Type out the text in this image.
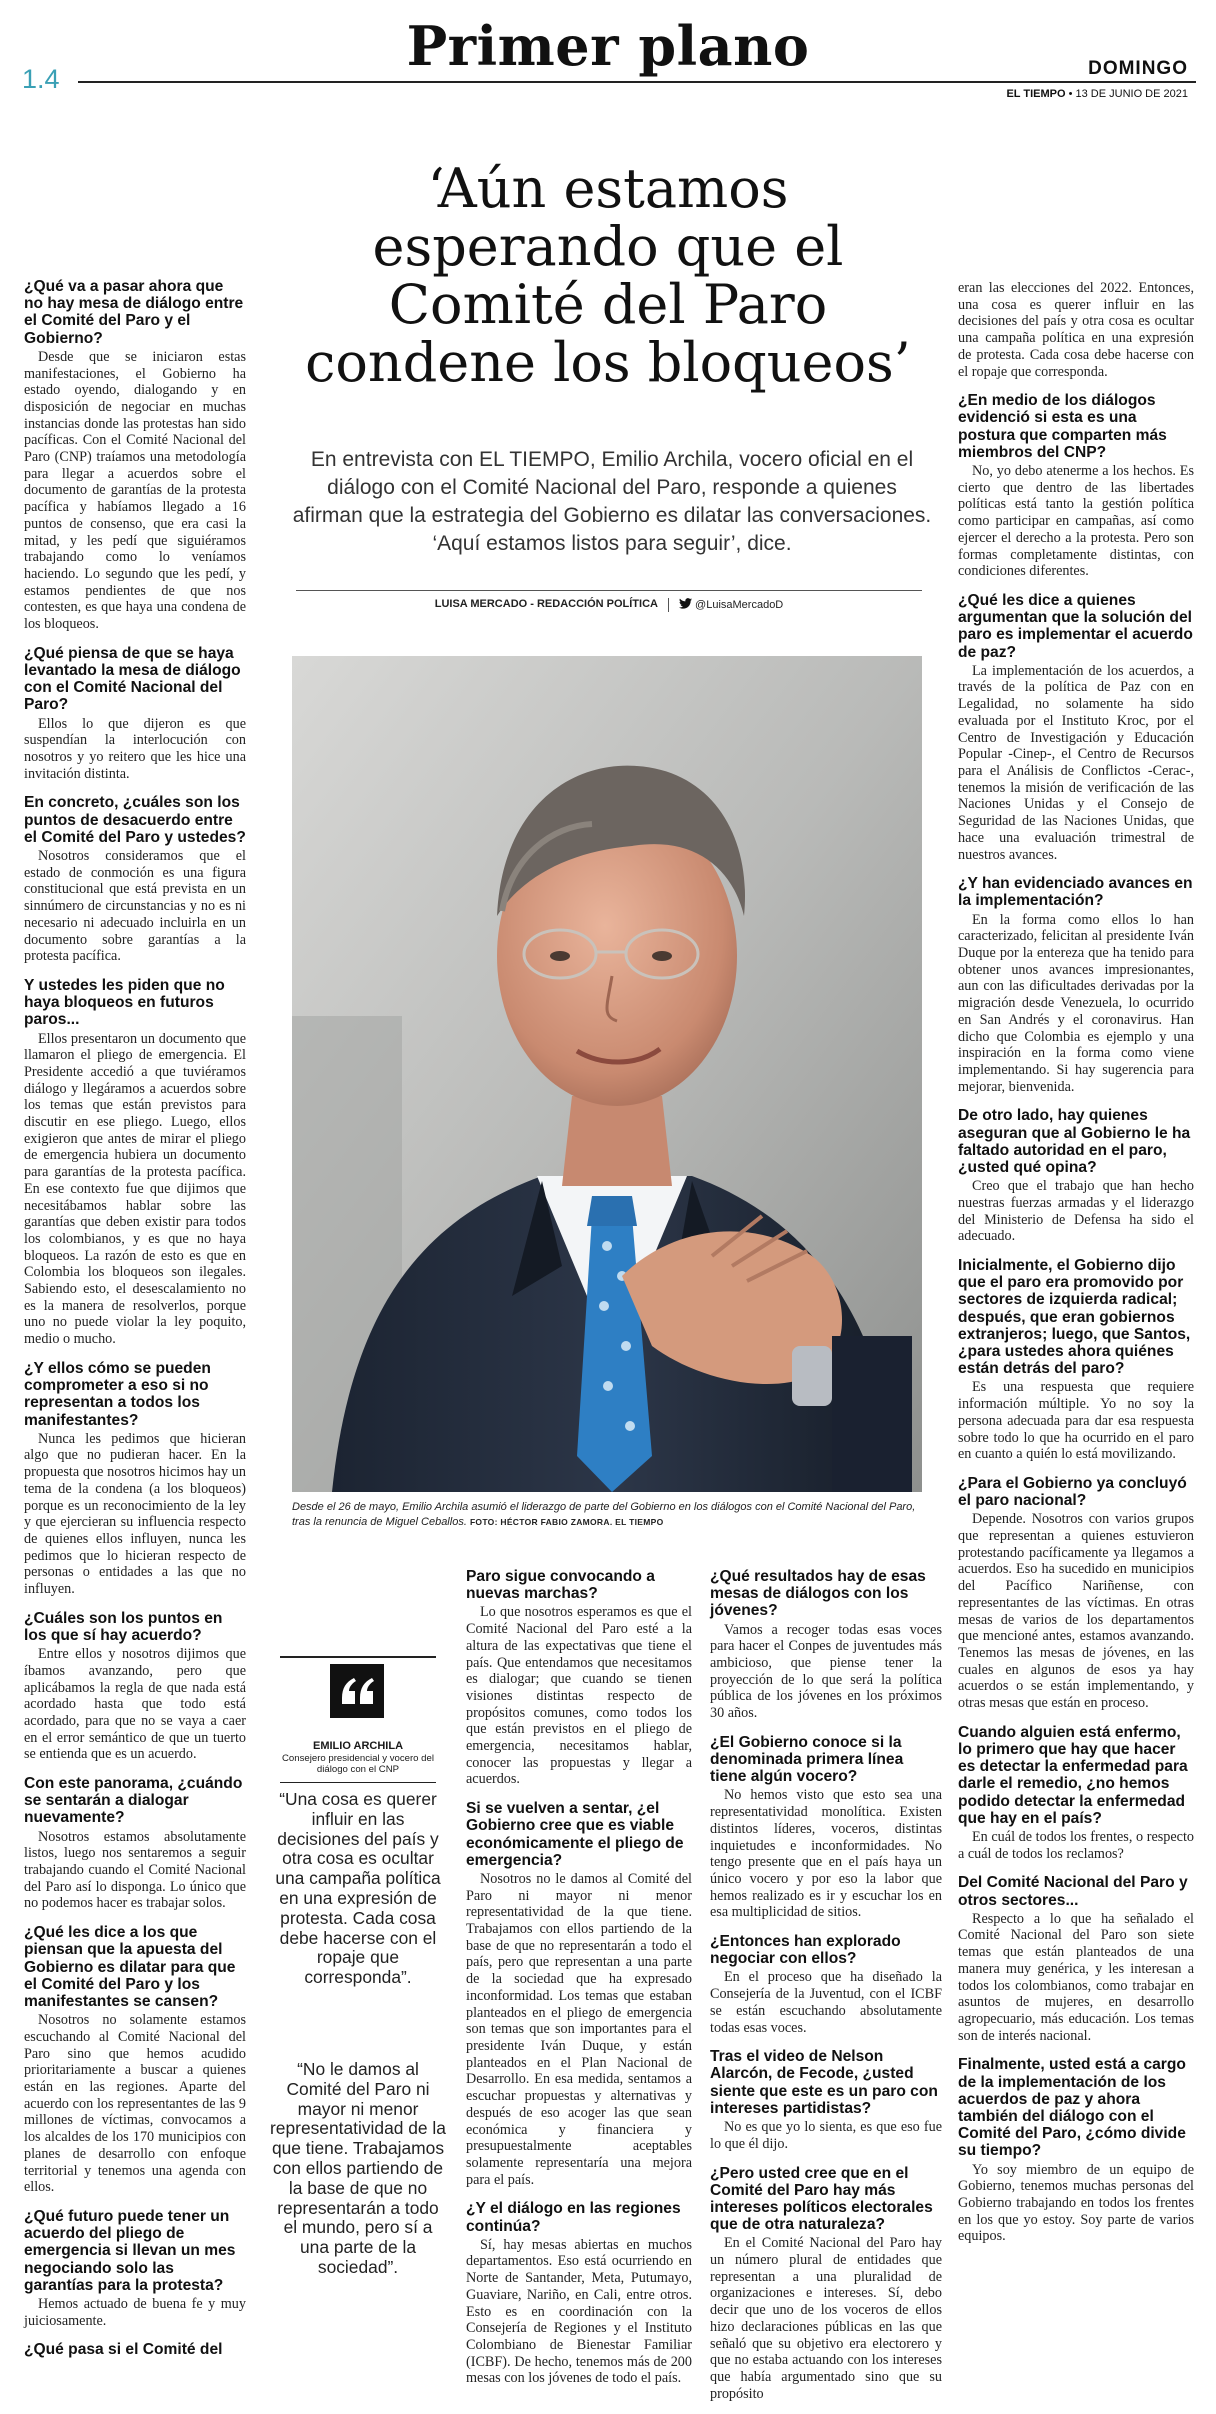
Primer plano
1.4	DOMINGO
EL TIEMPO • 13 DE JUNIO DE 2021
‘Aún estamos esperando que el Comité del Paro condene los bloqueos’

En entrevista con EL TIEMPO, Emilio Archila, vocero oficial en el diálogo con el Comité Nacional del Paro, responde a quienes afirman que la estrategia del Gobierno es dilatar las conversaciones. ‘Aquí estamos listos para seguir’, dice.

LUISA MERCADO - REDACCIÓN POLÍTICA	@LuisaMercadoD

¿Qué va a pasar ahora que no hay mesa de diálogo entre el Comité del Paro y el Gobierno?

Desde que se iniciaron estas manifestaciones, el Gobierno ha estado oyendo, dialogando y en disposición de negociar en muchas instancias donde las protestas han sido pacíficas. Con el Comité Nacional del Paro (CNP) traíamos una metodología para llegar a acuerdos sobre el documento de garantías de la protesta pacífica y habíamos llegado a 16 puntos de consenso, que era casi la mitad, y les pedí que siguiéramos trabajando como lo veníamos haciendo. Lo segundo que les pedí, y estamos pendientes de que nos contesten, es que haya una condena de los bloqueos.

¿Qué piensa de que se haya levantado la mesa de diálogo con el Comité Nacional del Paro?

Ellos lo que dijeron es que suspendían la interlocución con nosotros y yo reitero que les hice una invitación distinta.

En concreto, ¿cuáles son los puntos de desacuerdo entre el Comité del Paro y ustedes?

Nosotros consideramos que el estado de conmoción es una figura constitucional que está prevista en un sinnúmero de circunstancias y no es ni necesario ni adecuado incluirla en un documento sobre garantías a la protesta pacífica.

Y ustedes les piden que no haya bloqueos en futuros paros...

Ellos presentaron un documento que llamaron el pliego de emergencia. El Presidente accedió a que tuviéramos diálogo y llegáramos a acuerdos sobre los temas que están previstos para discutir en ese pliego. Luego, ellos exigieron que antes de mirar el pliego de emergencia hubiera un documento para garantías de la protesta pacífica. En ese contexto fue que dijimos que necesitábamos hablar sobre las garantías que deben existir para todos los colombianos, y es que no haya bloqueos. La razón de esto es que en Colombia los bloqueos son ilegales. Sabiendo esto, el desescalamiento no es la manera de resolverlos, porque uno no puede violar la ley poquito, medio o mucho.

¿Y ellos cómo se pueden comprometer a eso si no representan a todos los manifestantes?

Nunca les pedimos que hicieran algo que no pudieran hacer. En la propuesta que nosotros hicimos hay un tema de la condena (a los bloqueos) porque es un reconocimiento de la ley y que ejercieran su influencia respecto de quienes ellos influyen, nunca les pedimos que lo hicieran respecto de personas o entidades a las que no influyen.

¿Cuáles son los puntos en los que sí hay acuerdo?

Entre ellos y nosotros dijimos que íbamos avanzando, pero que aplicábamos la regla de que nada está acordado hasta que todo está acordado, para que no se vaya a caer en el error semántico de que un tuerto se entienda que es un acuerdo.

Con este panorama, ¿cuándo se sentarán a dialogar nuevamente?

Nosotros estamos absolutamente listos, luego nos sentaremos a seguir trabajando cuando el Comité Nacional del Paro así lo disponga. Lo único que no podemos hacer es trabajar solos.

¿Qué les dice a los que piensan que la apuesta del Gobierno es dilatar para que el Comité del Paro y los manifestantes se cansen?

Nosotros no solamente estamos escuchando al Comité Nacional del Paro sino que hemos acudido prioritariamente a buscar a quienes están en las regiones. Aparte del acuerdo con los representantes de las 9 millones de víctimas, convocamos a los alcaldes de los 170 municipios con planes de desarrollo con enfoque territorial y tenemos una agenda con ellos.

¿Qué futuro puede tener un acuerdo del pliego de emergencia si llevan un mes negociando solo las garantías para la protesta?

Hemos actuado de buena fe y muy juiciosamente.

¿Qué pasa si el Comité del

eran las elecciones del 2022. Entonces, una cosa es querer influir en las decisiones del país y otra cosa es ocultar una campaña política en una expresión de protesta. Cada cosa debe hacerse con el ropaje que corresponda.

¿En medio de los diálogos evidenció si esta es una postura que comparten más miembros del CNP?

No, yo debo atenerme a los hechos. Es cierto que dentro de las libertades políticas está tanto la gestión política como participar en campañas, así como ejercer el derecho a la protesta. Pero son formas completamente distintas, con condiciones diferentes.

¿Qué les dice a quienes argumentan que la solución del paro es implementar el acuerdo de paz?

La implementación de los acuerdos, a través de la política de Paz con en Legalidad, no solamente ha sido evaluada por el Instituto Kroc, por el Centro de Investigación y Educación Popular -Cinep-, el Centro de Recursos para el Análisis de Conflictos -Cerac-, tenemos la misión de verificación de las Naciones Unidas y el Consejo de Seguridad de las Naciones Unidas, que hace una evaluación trimestral de nuestros avances.

¿Y han evidenciado avances en la implementación?

En la forma como ellos lo han caracterizado, felicitan al presidente Iván Duque por la entereza que ha tenido para obtener unos avances impresionantes, aun con las dificultades derivadas por la migración desde Venezuela, lo ocurrido en San Andrés y el coronavirus. Han dicho que Colombia es ejemplo y una inspiración en la forma como viene implementando. Si hay sugerencia para mejorar, bienvenida.

De otro lado, hay quienes aseguran que al Gobierno le ha faltado autoridad en el paro, ¿usted qué opina?

Creo que el trabajo que han hecho nuestras fuerzas armadas y el liderazgo del Ministerio de Defensa ha sido el adecuado.

Inicialmente, el Gobierno dijo que el paro era promovido por sectores de izquierda radical; después, que eran gobiernos extranjeros; luego, que Santos, ¿para ustedes ahora quiénes están detrás del paro?

Es una respuesta que requiere información múltiple. Yo no soy la persona adecuada para dar esa respuesta sobre todo lo que ha ocurrido en el paro en cuanto a quién lo está movilizando.

¿Para el Gobierno ya concluyó el paro nacional?

Depende. Nosotros con varios grupos que representan a quienes estuvieron protestando pacíficamente ya llegamos a acuerdos. Eso ha sucedido en municipios del Pacífico Nariñense, con representantes de las víctimas. En otras mesas de varios de los departamentos que mencioné antes, estamos avanzando. Tenemos las mesas de jóvenes, en las cuales en algunos de esos ya hay acuerdos o se están implementando, y otras mesas que están en proceso.

Cuando alguien está enfermo, lo primero que hay que hacer es detectar la enfermedad para darle el remedio, ¿no hemos podido detectar la enfermedad que hay en el país?

En cuál de todos los frentes, o respecto a cuál de todos los reclamos?

Del Comité Nacional del Paro y otros sectores...

Respecto a lo que ha señalado el Comité Nacional del Paro son siete temas que están planteados de una manera muy genérica, y les interesan a todos los colombianos, como trabajar en asuntos de mujeres, en desarrollo agropecuario, más educación. Los temas son de interés nacional.

Finalmente, usted está a cargo de la implementación de los acuerdos de paz y ahora también del diálogo con el Comité del Paro, ¿cómo divide su tiempo?

Yo soy miembro de un equipo de Gobierno, tenemos muchas personas del Gobierno trabajando en todos los frentes en los que yo estoy. Soy parte de varios equipos.

Desde el 26 de mayo, Emilio Archila asumió el liderazgo de parte del Gobierno en los diálogos con el Comité Nacional del Paro, tras la renuncia de Miguel Ceballos. FOTO: HÉCTOR FABIO ZAMORA. EL TIEMPO
EMILIO ARCHILA
Consejero presidencial y vocero del diálogo con el CNP

“Una cosa es querer influir en las decisiones del país y otra cosa es ocultar una campaña política en una expresión de protesta. Cada cosa debe hacerse con el ropaje que corresponda”.

“No le damos al Comité del Paro ni mayor ni menor representatividad de la que tiene. Trabajamos con ellos partiendo de la base de que no representarán a todo el mundo, pero sí a una parte de la sociedad”.

Paro sigue convocando a nuevas marchas?

Lo que nosotros esperamos es que el Comité Nacional del Paro esté a la altura de las expectativas que tiene el país. Que entendamos que necesitamos es dialogar; que cuando se tienen visiones distintas respecto de propósitos comunes, como todos los que están previstos en el pliego de emergencia, necesitamos hablar, conocer las propuestas y llegar a acuerdos.

Si se vuelven a sentar, ¿el Gobierno cree que es viable económicamente el pliego de emergencia?

Nosotros no le damos al Comité del Paro ni mayor ni menor representatividad de la que tiene. Trabajamos con ellos partiendo de la base de que no representarán a todo el país, pero que representan a una parte de la sociedad que ha expresado inconformidad. Los temas que estaban planteados en el pliego de emergencia son temas que son importantes para el presidente Iván Duque, y están planteados en el Plan Nacional de Desarrollo. En esa medida, sentamos a escuchar propuestas y alternativas y después de eso acoger las que sean económica y financiera y presupuestalmente aceptables solamente representaría una mejora para el país.

¿Y el diálogo en las regiones continúa?

Sí, hay mesas abiertas en muchos departamentos. Eso está ocurriendo en Norte de Santander, Meta, Putumayo, Guaviare, Nariño, en Cali, entre otros. Esto es en coordinación con la Consejería de Regiones y el Instituto Colombiano de Bienestar Familiar (ICBF). De hecho, tenemos más de 200 mesas con los jóvenes de todo el país.

¿Qué resultados hay de esas mesas de diálogos con los jóvenes?

Vamos a recoger todas esas voces para hacer el Conpes de juventudes más ambicioso, que piense tener la proyección de lo que será la política pública de los jóvenes en los próximos 30 años.

¿El Gobierno conoce si la denominada primera línea tiene algún vocero?

No hemos visto que esto sea una representatividad monolítica. Existen distintos líderes, voceros, distintas inquietudes e inconformidades. No tengo presente que en el país haya un único vocero y por eso la labor que hemos realizado es ir y escuchar los en esa multiplicidad de sitios.

¿Entonces han explorado negociar con ellos?

En el proceso que ha diseñado la Consejería de la Juventud, con el ICBF se están escuchando absolutamente todas esas voces.

Tras el video de Nelson Alarcón, de Fecode, ¿usted siente que este es un paro con intereses partidistas?

No es que yo lo sienta, es que eso fue lo que él dijo.

¿Pero usted cree que en el Comité del Paro hay más intereses políticos electorales que de otra naturaleza?

En el Comité Nacional del Paro hay un número plural de entidades que representan a una pluralidad de organizaciones e intereses. Sí, debo decir que uno de los voceros de ellos hizo declaraciones públicas en las que señaló que su objetivo era electorero y que no estaba actuando con los intereses que había argumentado sino que su propósito
